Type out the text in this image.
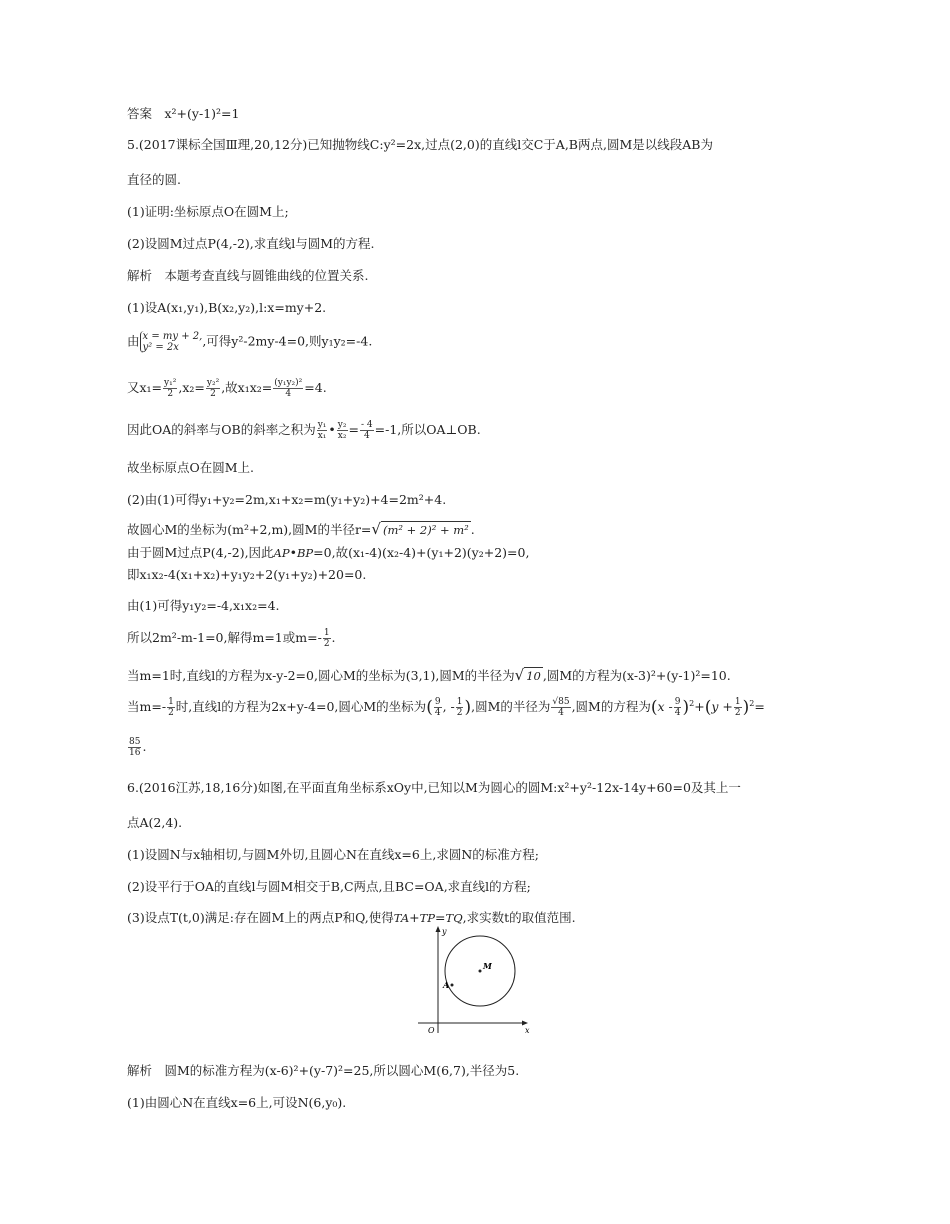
答案　x²+(y-1)²=1
5.(2017课标全国Ⅲ理,20,12分)已知抛物线C:y²=2x,过点(2,0)的直线l交C于A,B两点,圆M是以线段AB为
直径的圆.
(1)证明:坐标原点O在圆M上;
(2)设圆M过点P(4,-2),求直线l与圆M的方程.
解析　本题考查直线与圆锥曲线的位置关系.
(1)设A(x₁,y₁),B(x₂,y₂),l:x=my+2.
由 x = my + 2,
y² = 2x	,可得y²-2my-4=0,则y₁y₂=-4.
又$x_1= \frac{\text{y₁²}}{2} ,x_2= \frac{\text{y₂²}}{2}$ ,故$x_1x_2= \frac{\text{(y₁y₂)²}}{4} =4$.
因此OA的斜率与OB的斜率之积为 $\frac{\text{y₁}}{\text{x₁}}$ • $\frac{\text{y₂}}{\text{x₂}} = \frac{- 4}{4} =-1$,所以OA⊥OB.
故坐标原点O在圆M上.
(2)由(1)可得y₁+y₂=2m,x₁+x₂=m(y₁+y₂)+4=2m²+4.
故圆心M的坐标为(m²+2,m),圆M的半径r=√ (m² + 2)² + m² .
由于圆M过点P(4,-2),因此AP•BP=0,故(x₁-4)(x₂-4)+(y₁+2)(y₂+2)=0,
即x₁x₂-4(x₁+x₂)+y₁y₂+2(y₁+y₂)+20=0.
由(1)可得y₁y₂=-4,x₁x₂=4.
所以2m²-m-1=0,解得m=1或$m=- \frac{1}{2}$ .
当m=1时,直线l的方程为x-y-2=0,圆心M的坐标为(3,1),圆M的半径为√ 10 ,圆M的方程为(x-3)²+(y-1)²=10.
当$m=- \frac{1}{2}$ 时,直线l的方程为2x+y-4=0,圆心M的坐标为( $\frac{9}{4}$ , - $\frac{1}{2}$ ),圆M的半径为 $\frac{√85}{4}$ ,圆M的方程为$(x - \frac{9}{4} )^2+(y + \frac{1}{2} )^2=$
$\frac{85}{16}$ .
6.(2016江苏,18,16分)如图,在平面直角坐标系xOy中,已知以M为圆心的圆M:x²+y²-12x-14y+60=0及其上一
点A(2,4).
(1)设圆N与x轴相切,与圆M外切,且圆心N在直线x=6上,求圆N的标准方程;
(2)设平行于OA的直线l与圆M相交于B,C两点,且BC=OA,求直线l的方程;
(3)设点T(t,0)满足:存在圆M上的两点P和Q,使得TA+TP=TQ,求实数t的取值范围.
y
x
O
M
A
解析　圆M的标准方程为(x-6)²+(y-7)²=25,所以圆心M(6,7),半径为5.
(1)由圆心N在直线x=6上,可设N(6,y₀).
